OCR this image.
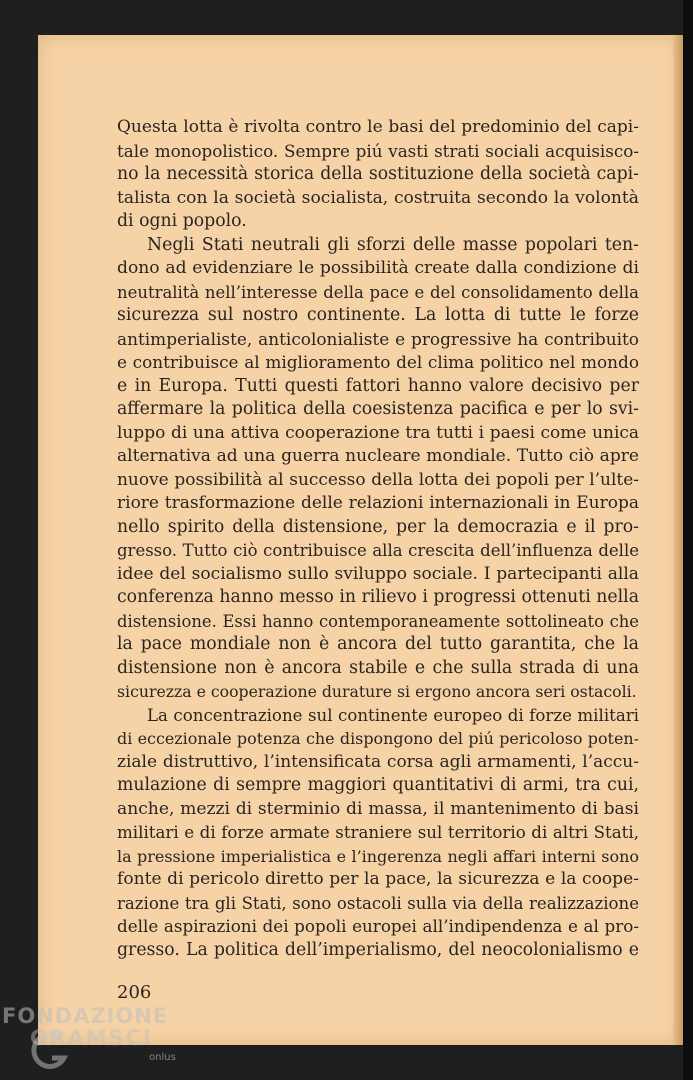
Questa lotta è rivolta contro le basi del predominio del capi-
tale monopolistico. Sempre piú vasti strati sociali acquisisco-
no la necessità storica della sostituzione della società capi-
talista con la società socialista, costruita secondo la volontà
di ogni popolo.
Negli Stati neutrali gli sforzi delle masse popolari ten-
dono ad evidenziare le possibilità create dalla condizione di
neutralità nell’interesse della pace e del consolidamento della
sicurezza sul nostro continente. La lotta di tutte le forze
antimperialiste, anticolonialiste e progressive ha contribuito
e contribuisce al miglioramento del clima politico nel mondo
e in Europa. Tutti questi fattori hanno valore decisivo per
affermare la politica della coesistenza pacifica e per lo svi-
luppo di una attiva cooperazione tra tutti i paesi come unica
alternativa ad una guerra nucleare mondiale. Tutto ciò apre
nuove possibilità al successo della lotta dei popoli per l’ulte-
riore trasformazione delle relazioni internazionali in Europa
nello spirito della distensione, per la democrazia e il pro-
gresso. Tutto ciò contribuisce alla crescita dell’influenza delle
idee del socialismo sullo sviluppo sociale. I partecipanti alla
conferenza hanno messo in rilievo i progressi ottenuti nella
distensione. Essi hanno contemporaneamente sottolineato che
la pace mondiale non è ancora del tutto garantita, che la
distensione non è ancora stabile e che sulla strada di una
sicurezza e cooperazione durature si ergono ancora seri ostacoli.
La concentrazione sul continente europeo di forze militari
di eccezionale potenza che dispongono del piú pericoloso poten-
ziale distruttivo, l’intensificata corsa agli armamenti, l’accu-
mulazione di sempre maggiori quantitativi di armi, tra cui,
anche, mezzi di sterminio di massa, il mantenimento di basi
militari e di forze armate straniere sul territorio di altri Stati,
la pressione imperialistica e l’ingerenza negli affari interni sono
fonte di pericolo diretto per la pace, la sicurezza e la coope-
razione tra gli Stati, sono ostacoli sulla via della realizzazione
delle aspirazioni dei popoli europei all’indipendenza e al pro-
gresso. La politica dell’imperialismo, del neocolonialismo e
206
FONDAZIONE
GRAMSCI
onlus
